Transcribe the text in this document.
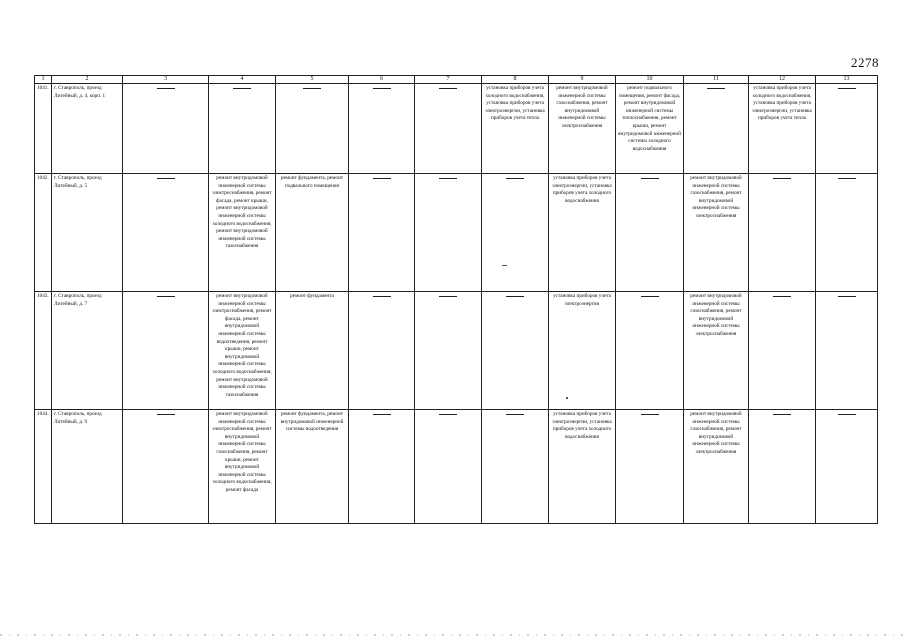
2278
1	2	3	4	5	6	7	8	9	10	11	12	13
1041.	г. Ставрополь, проезд Литейный, д. 4, корп. 1						установка приборов учета холодного водоснабжения, установка приборов учета электроэнергии, установка приборов учета тепла	ремонт внутридомовой инженерной системы газоснабжения, ремонт внутридомовой инженерной системы электроснабжения	ремонт подвального помещения, ремонт фасада, ремонт внутридомовой инженерной системы теплоснабжения, ремонт крыши, ремонт внутридомовой инженерной системы холодного водоснабжения		установка приборов учета холодного водоснабжения, установка приборов учета электроэнергии, установка приборов учета тепла	

1042.	г. Ставрополь, проезд Литейный, д. 5		ремонт внутридомовой инженерной системы электроснабжения, ремонт фасада, ремонт крыши, ремонт внутридомовой инженерной системы холодного водоснабжения, ремонт внутридомовой инженерной системы газоснабжения	ремонт фундамента, ремонт подвального помещения				установка приборов учета электроэнергии, установка приборов учета холодного водоснабжения		ремонт внутридомовой инженерной системы газоснабжения, ремонт внутридомовой инженерной системы электроснабжения	

1043.	г. Ставрополь, проезд Литейный, д. 7		ремонт внутридомовой инженерной системы электроснабжения, ремонт фасада, ремонт внутридомовой инженерной системы водоотведения, ремонт крыши, ремонт внутридомовой инженерной системы холодного водоснабжения, ремонт внутридомовой инженерной системы газоснабжения	ремонт фундамента				установка приборов учета электроэнергии		ремонт внутридомовой инженерной системы газоснабжения, ремонт внутридомовой инженерной системы электроснабжения	

1044.	г. Ставрополь, проезд Литейный, д. 9		ремонт внутридомовой инженерной системы электроснабжения, ремонт внутридомовой инженерной системы газоснабжения, ремонт крыши, ремонт внутридомовой инженерной системы холодного водоснабжения, ремонт фасада	ремонт фундамента, ремонт внутридомовой инженерной системы водоотведения				установка приборов учета электроэнергии, установка приборов учета холодного водоснабжения		ремонт внутридомовой инженерной системы газоснабжения, ремонт внутридомовой инженерной системы электроснабжения	
